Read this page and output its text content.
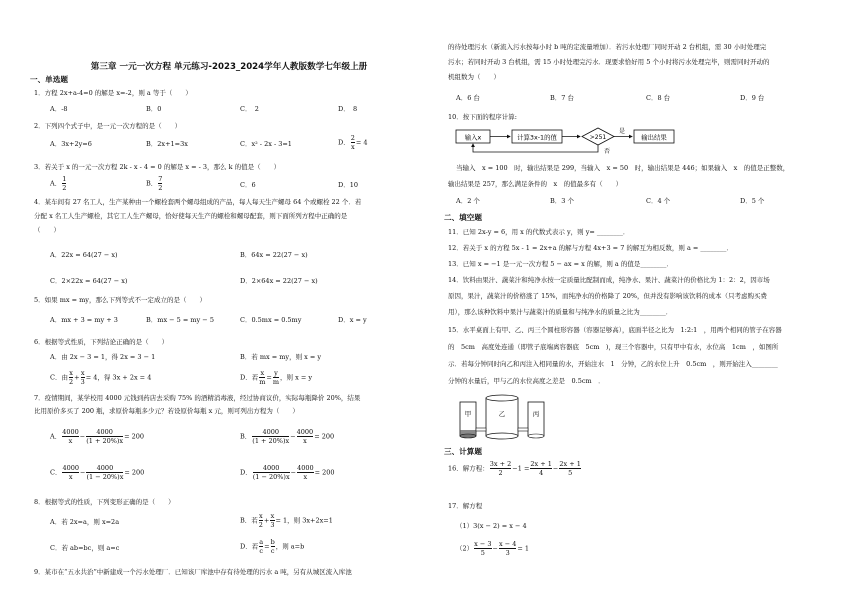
第三章 一元一次方程 单元练习-2023_2024学年人教版数学七年级上册
一、单选题
1．方程 2x+a-4=0 的解是 x=-2，则 a 等于（　　）
A．-8	B．0	C．　2	D．　8
2．下列四个式子中，是一元一次方程的是（　　）
A．3x+2y=6	B．2x+1=3x	C．x² - 2x - 3=1	D． $\frac{2}{x} = 4$
3．若关于 x 的一元一次方程 2k - x - 4 = 0 的解是 x = - 3，那么 k 的值是（　　）
A． $\frac{1}{2}$	B． $\frac{7}{2}$	C．6	D．10
4．某车间有 27 名工人，生产某种由一个螺栓套两个螺母组成的产品，每人每天生产螺母 64 个或螺栓 22 个．若
分配 x 名工人生产螺栓，其它工人生产螺母，恰好使每天生产的螺栓和螺母配套，则下面所列方程中正确的是
（　　）
A．22x = 64(27 − x)	B．64x = 22(27 − x)
C．2×22x = 64(27 − x)	D．2×64x = 22(27 − x)
5．如果 mx = my，那么下列等式不一定成立的是（　　）
A．mx + 3 = my + 3	B．mx − 5 = my − 5	C．0.5mx = 0.5my	D．x = y
6．根据等式性质，下列结论正确的是（　　）
A．由 2x − 3 = 1，得 2x = 3 − 1	B．若 mx = my，则 x = y
C．由 $\frac{x}{2} + \frac{x}{3} = 4$，得 3x + 2x = 4	D．若 $\frac{x}{m} = \frac{y}{m}$ ，则 x = y
7．疫情期间，某学校用 4000 元钱到药店去采购 75% 的酒精消毒液，经过协商议价，实际每瓶降价 20%，结果
比用原价多买了 200 瓶，求原价每瓶多少元？若设原价每瓶 x 元，则可列出方程为（　　）
A． $\frac{4000}{x} - \frac{4000}{(1 + 20\%)x} = 200$	B． $\frac{4000}{(1 + 20\%)x} - \frac{4000}{x} = 200$
C． $\frac{4000}{x} - \frac{4000}{(1 - 20\%)x} = 200$	D． $\frac{4000}{(1 - 20\%)x} - \frac{4000}{x} = 200$
8．根据等式的性质，下列变形正确的是（　　）
A．若 2x=a，则 x=2a	B．若 $\frac{x}{2} + \frac{x}{3} = 1$，则 3x+2x=1
C．若 ab=bc，则 a=c	D．若 $\frac{a}{c} = \frac{b}{c}$ ，则 a=b
9．某市在“五水共治”中新建成一个污水处理厂．已知该厂库池中存有待处理的污水 a 吨，另有从城区流入库池
的待处理污水（新流入污水按每小时 b 吨的定流量增加）．若污水处理厂同时开动 2 台机组，需 30 小时处理完
污水；若同时开动 3 台机组，需 15 小时处理完污水．现要求恰好用 5 个小时将污水处理完毕，则需同时开动的
机组数为（　　）
A．6 台	B．7 台	C．8 台	D．9 台
10．按下面的程序计算:
输入x	计算3x-1的值	>251
是
输出结果
否
当输入　x = 100　时，输出结果是 299，当输入　x = 50　时，输出结果是 446；如果输入　x　的值是正整数，
输出结果是 257，那么满足条件的　x　的值最多有（　　）
A．2 个	B．3 个	C．4 个	D．5 个
二、填空题
11．已知 2x-y = 6，用 x 的代数式表示 y，则 y= ________．
12．若关于 x 的方程 5x - 1 = 2x+a 的解与方程 4x+3 = 7 的解互为相反数，则 a = ________．
13．已知 x = −1 是一元一次方程 5 − ax = x 的解，则 a 的值是________．
14．饮料由果汁、蔬菜汁和纯净水按一定质量比配制而成，纯净水、果汁、蔬菜汁的价格比为 1：2：2，因市场
原因，果汁，蔬菜汁的价格涨了 15%，而纯净水的价格降了 20%，但并没有影响该饮料的成本（只考虑购买费
用），那么该种饮料中果汁与蔬菜汁的质量和与纯净水的质量之比为________．
15．水平桌面上有甲、乙、丙三个圆柱形容器（容器足够高），底面半径之比为　1:2:1　，用两个相同的管子在容器
的　5cm　高度处连通（即管子底端离容器底　5cm　)，现三个容器中，只有甲中有水，水位高　1cm　，如图所
示．若每分钟同时向乙和丙注入相同量的水，开始注水　1　分钟，乙的水位上升　0.5cm　，则开始注入________
分钟的水量后，甲与乙的水位高度之差是　0.5cm　．
甲	乙	丙
三、计算题
16．解方程： $\frac{3x + 2}{2} -1 = \frac{2x + 1}{4} - \frac{2x + 1}{5}$
17．解方程
（1）3(x − 2) = x − 4
$(2) \frac{x - 3}{5} - \frac{x - 4}{3} = 1$
